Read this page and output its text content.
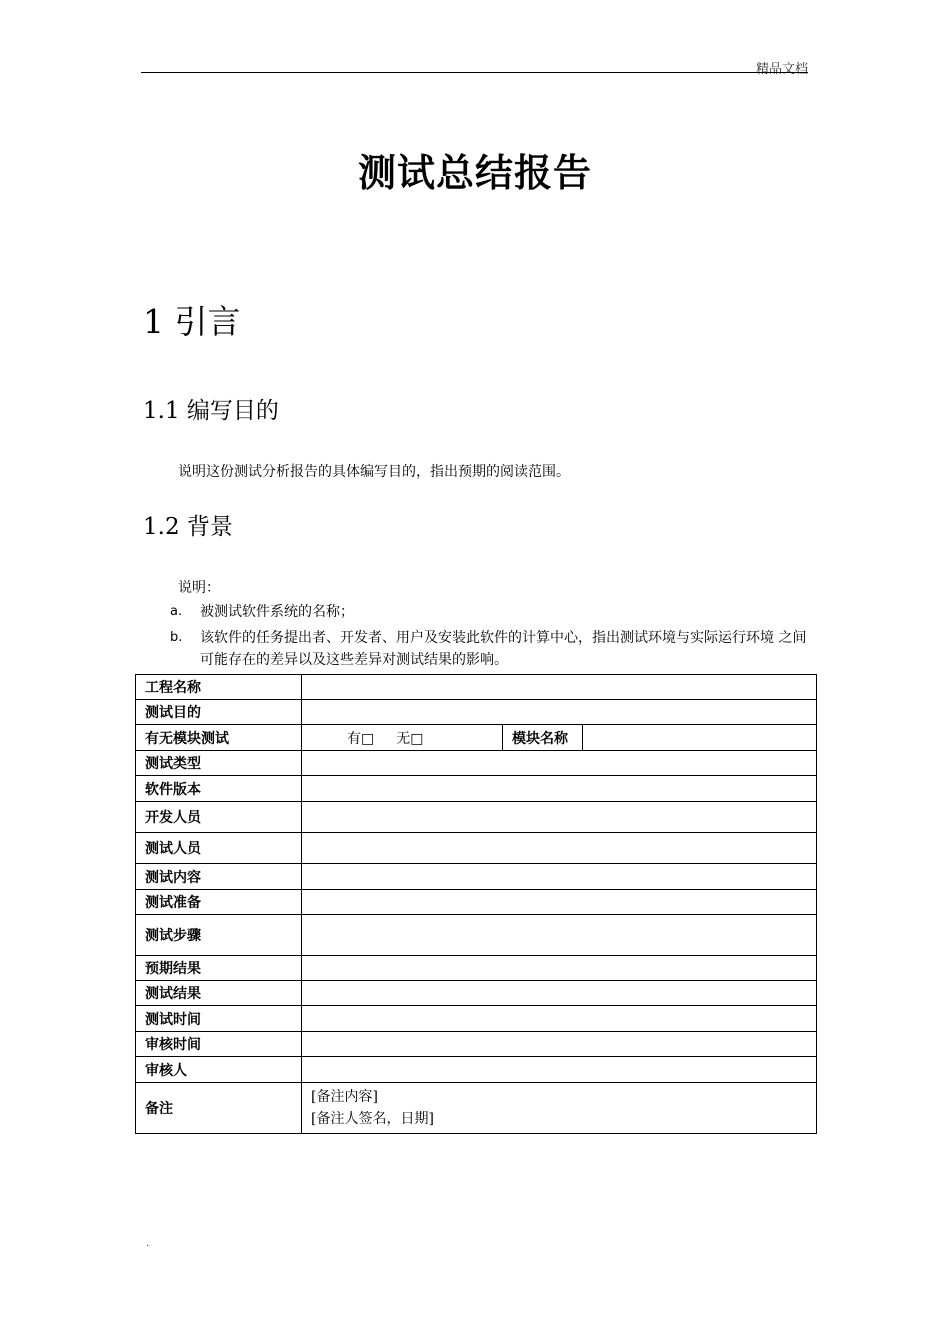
精品文档
测试总结报告
1 引言
1.1 编写目的
说明这份测试分析报告的具体编写目的，指出预期的阅读范围。
1.2 背景
说明：
a. 被测试软件系统的名称；
b. 该软件的任务提出者、开发者、用户及安装此软件的计算中心，指出测试环境与实际运行环境 之间可能存在的差异以及这些差异对测试结果的影响。
工程名称	
测试目的	
有无模块测试	有□ 无□ 模块名称

测试类型	
软件版本	
开发人员	
测试人员	
测试内容	
测试准备	
测试步骤	
预期结果	
测试结果	
测试时间	
审核时间	
审核人	
备注	[备注内容]
[备注人签名，日期]
.
